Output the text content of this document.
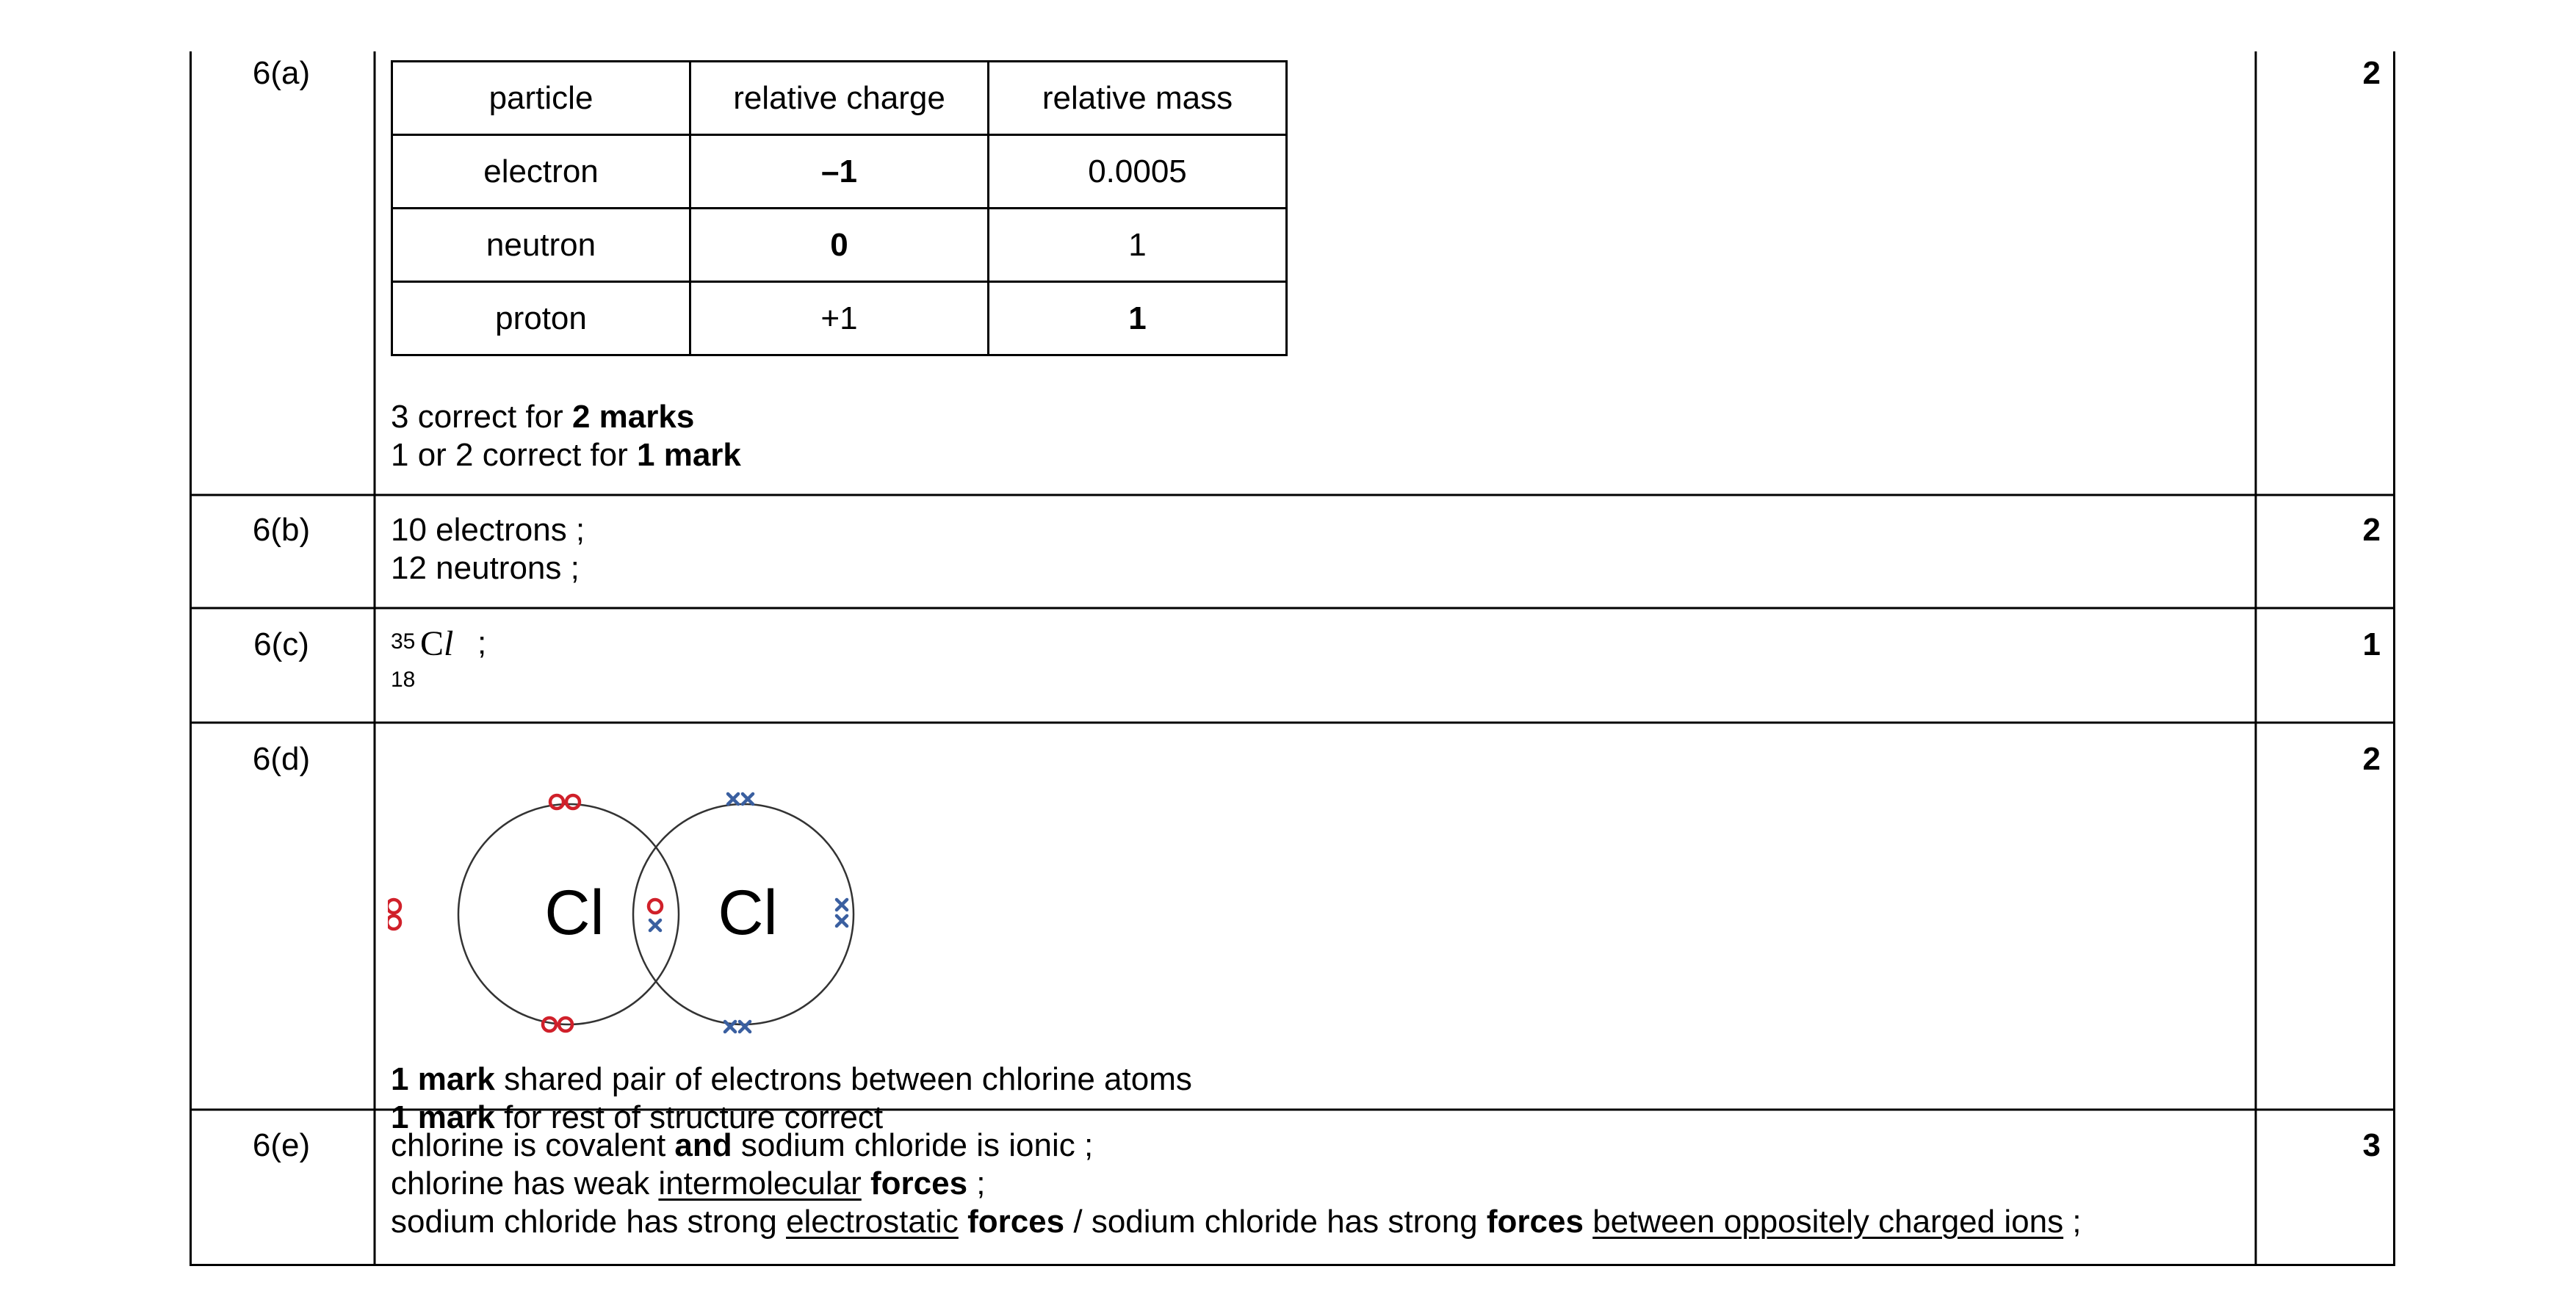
6(a)	2
particle	relative charge	relative mass
electron	–1	0.0005
neutron	0	1
proton	+1	1
3 correct for 2 marks
1 or 2 correct for 1 mark
6(b)	2
10 electrons ;
12 neutrons ;
6(c)	1
35
18
Cl ;
6(d)	2
Cl Cl
1 mark shared pair of electrons between chlorine atoms
1 mark for rest of structure correct
6(e)	3
chlorine is covalent and sodium chloride is ionic ;
chlorine has weak intermolecular forces ;
sodium chloride has strong electrostatic forces / sodium chloride has strong forces between oppositely charged ions ;
